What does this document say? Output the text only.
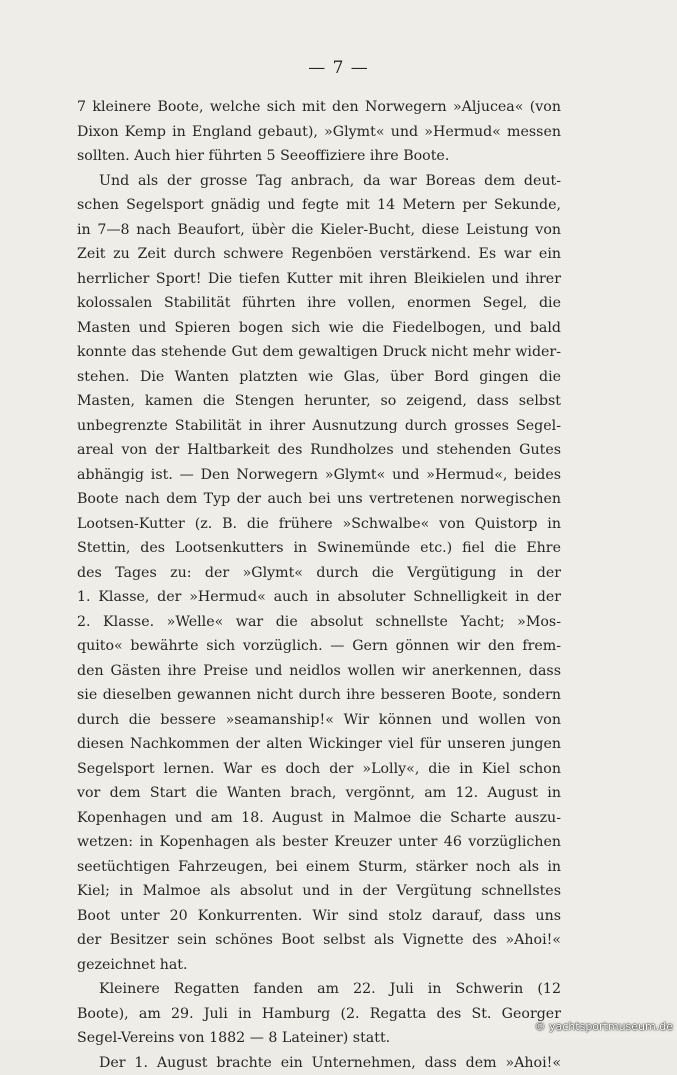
— 7 —
7 kleinere Boote, welche sich mit den Norwegern »Aljucea« (von
Dixon Kemp in England gebaut), »Glymt« und »Hermud« messen
sollten. Auch hier führten 5 Seeoffiziere ihre Boote.
Und als der grosse Tag anbrach, da war Boreas dem deut-
schen Segelsport gnädig und fegte mit 14 Metern per Sekunde,
in 7—8 nach Beaufort, übèr die Kieler-Bucht, diese Leistung von
Zeit zu Zeit durch schwere Regenböen verstärkend. Es war ein
herrlicher Sport! Die tiefen Kutter mit ihren Bleikielen und ihrer
kolossalen Stabilität führten ihre vollen, enormen Segel, die
Masten und Spieren bogen sich wie die Fiedelbogen, und bald
konnte das stehende Gut dem gewaltigen Druck nicht mehr wider-
stehen. Die Wanten platzten wie Glas, über Bord gingen die
Masten, kamen die Stengen herunter, so zeigend, dass selbst
unbegrenzte Stabilität in ihrer Ausnutzung durch grosses Segel-
areal von der Haltbarkeit des Rundholzes und stehenden Gutes
abhängig ist. — Den Norwegern »Glymt« und »Hermud«, beides
Boote nach dem Typ der auch bei uns vertretenen norwegischen
Lootsen-Kutter (z. B. die frühere »Schwalbe« von Quistorp in
Stettin, des Lootsenkutters in Swinemünde etc.) fiel die Ehre
des Tages zu: der »Glymt« durch die Vergütigung in der
1. Klasse, der »Hermud« auch in absoluter Schnelligkeit in der
2. Klasse. »Welle« war die absolut schnellste Yacht; »Mos-
quito« bewährte sich vorzüglich. — Gern gönnen wir den frem-
den Gästen ihre Preise und neidlos wollen wir anerkennen, dass
sie dieselben gewannen nicht durch ihre besseren Boote, sondern
durch die bessere »seamanship!« Wir können und wollen von
diesen Nachkommen der alten Wickinger viel für unseren jungen
Segelsport lernen. War es doch der »Lolly«, die in Kiel schon
vor dem Start die Wanten brach, vergönnt, am 12. August in
Kopenhagen und am 18. August in Malmoe die Scharte auszu-
wetzen: in Kopenhagen als bester Kreuzer unter 46 vorzüglichen
seetüchtigen Fahrzeugen, bei einem Sturm, stärker noch als in
Kiel; in Malmoe als absolut und in der Vergütung schnellstes
Boot unter 20 Konkurrenten. Wir sind stolz darauf, dass uns
der Besitzer sein schönes Boot selbst als Vignette des »Ahoi!«
gezeichnet hat.
Kleinere Regatten fanden am 22. Juli in Schwerin (12
Boote), am 29. Juli in Hamburg (2. Regatta des St. Georger
Segel-Vereins von 1882 — 8 Lateiner) statt.
Der 1. August brachte ein Unternehmen, dass dem »Ahoi!«
© yachtsportmuseum.de
